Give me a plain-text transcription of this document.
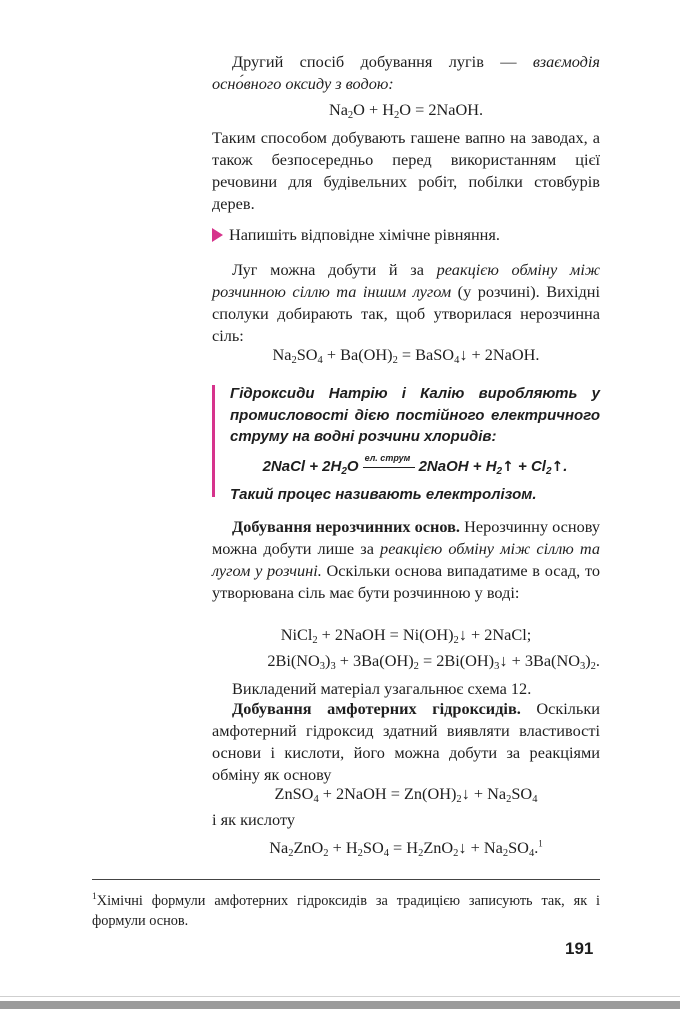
Другий спосіб добування лугів — взаємодія осно́вного оксиду з водою:

$Na_2O + H_2O$ = 2NaOH.

Таким способом добувають гашене вапно на заводах, а також безпосередньо перед використанням цієї речовини для будівельних робіт, побілки стовбурів дерев.

Напишіть відповідне хімічне рівняння.

Луг можна добути й за реакцією обміну між розчинною сіллю та іншим лугом (у розчині). Вихідні сполуки добирають так, щоб утворилася нерозчинна сіль:

$Na_2SO_4 + Ba(OH)_2$ = BaSO$_4$↓ + 2NaOH.

Гідроксиди Натрію і Калію виробляють у промисловості дією постійного електричного струму на водні розчини хлоридів:

2NaCl + $2H_2O$ ел. струм 2NaOH + $H_2↑$ + $Cl_2↑$.

Такий процес називають електролізом.

Добування нерозчинних основ. Нерозчинну основу можна добути лише за реакцією обміну між сіллю та лугом у розчині. Оскільки основа випадатиме в осад, то утворювана сіль має бути розчинною у воді:

NiCl$_2$ + 2NaOH = $Ni(OH)_2↓$ + 2NaCl;

$2Bi(NO_3)_3 + 3Ba(OH)_2$ = $2Bi(OH)_3↓ + 3Ba(NO_3)_2$.

Викладений матеріал узагальнює схема 12.

Добування амфотерних гідроксидів. Оскільки амфотерний гідроксид здатний виявляти властивості основи і кислоти, його можна добути за реакціями обміну як основу

ZnSO$_4$ + 2NaOH = $Zn(OH)_2↓ + Na_2SO_4$

і як кислоту

$Na_2ZnO_2 + H_2SO_4$ = $H_2ZnO_2↓ + Na_2SO_4.^1$

$^1$Хімічні формули амфотерних гідроксидів за традицією записують так, як і формули основ.

191
